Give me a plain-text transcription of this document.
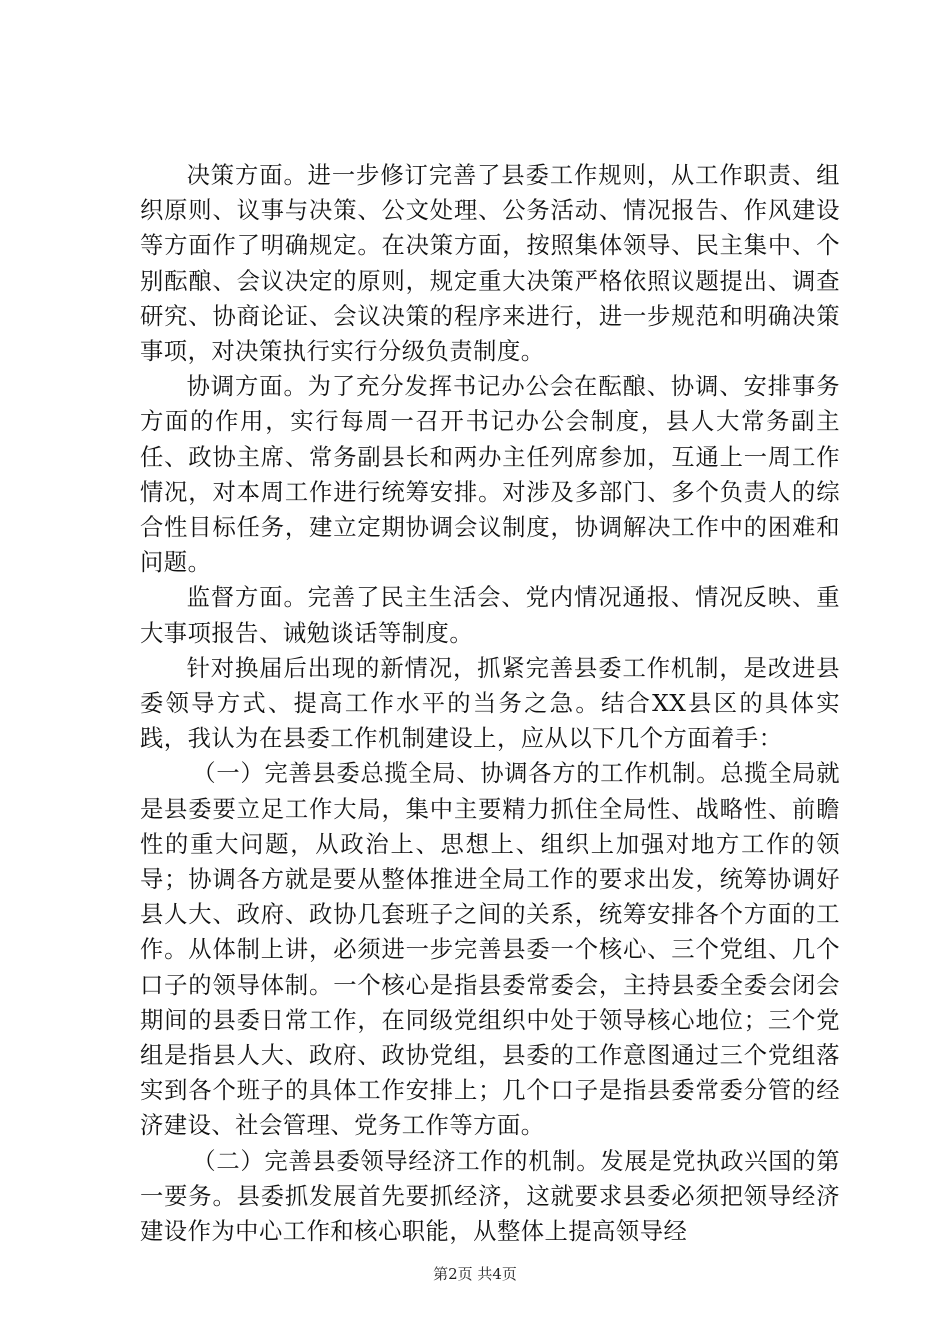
决策方面。进一步修订完善了县委工作规则，从工作职责、组织原则、议事与决策、公文处理、公务活动、情况报告、作风建设等方面作了明确规定。在决策方面，按照集体领导、民主集中、个别酝酿、会议决定的原则，规定重大决策严格依照议题提出、调查研究、协商论证、会议决策的程序来进行，进一步规范和明确决策事项，对决策执行实行分级负责制度。

协调方面。为了充分发挥书记办公会在酝酿、协调、安排事务方面的作用，实行每周一召开书记办公会制度，县人大常务副主任、政协主席、常务副县长和两办主任列席参加，互通上一周工作情况，对本周工作进行统筹安排。对涉及多部门、多个负责人的综合性目标任务，建立定期协调会议制度，协调解决工作中的困难和问题。

监督方面。完善了民主生活会、党内情况通报、情况反映、重大事项报告、诫勉谈话等制度。

针对换届后出现的新情况，抓紧完善县委工作机制，是改进县委领导方式、提高工作水平的当务之急。结合XX县区的具体实践，我认为在县委工作机制建设上，应从以下几个方面着手：

（一）完善县委总揽全局、协调各方的工作机制。总揽全局就是县委要立足工作大局，集中主要精力抓住全局性、战略性、前瞻性的重大问题，从政治上、思想上、组织上加强对地方工作的领导；协调各方就是要从整体推进全局工作的要求出发，统筹协调好县人大、政府、政协几套班子之间的关系，统筹安排各个方面的工作。从体制上讲，必须进一步完善县委一个核心、三个党组、几个口子的领导体制。一个核心是指县委常委会，主持县委全委会闭会期间的县委日常工作，在同级党组织中处于领导核心地位；三个党组是指县人大、政府、政协党组，县委的工作意图通过三个党组落实到各个班子的具体工作安排上；几个口子是指县委常委分管的经济建设、社会管理、党务工作等方面。

（二）完善县委领导经济工作的机制。发展是党执政兴国的第一要务。县委抓发展首先要抓经济，这就要求县委必须把领导经济建设作为中心工作和核心职能，从整体上提高领导经

第2页 共4页
